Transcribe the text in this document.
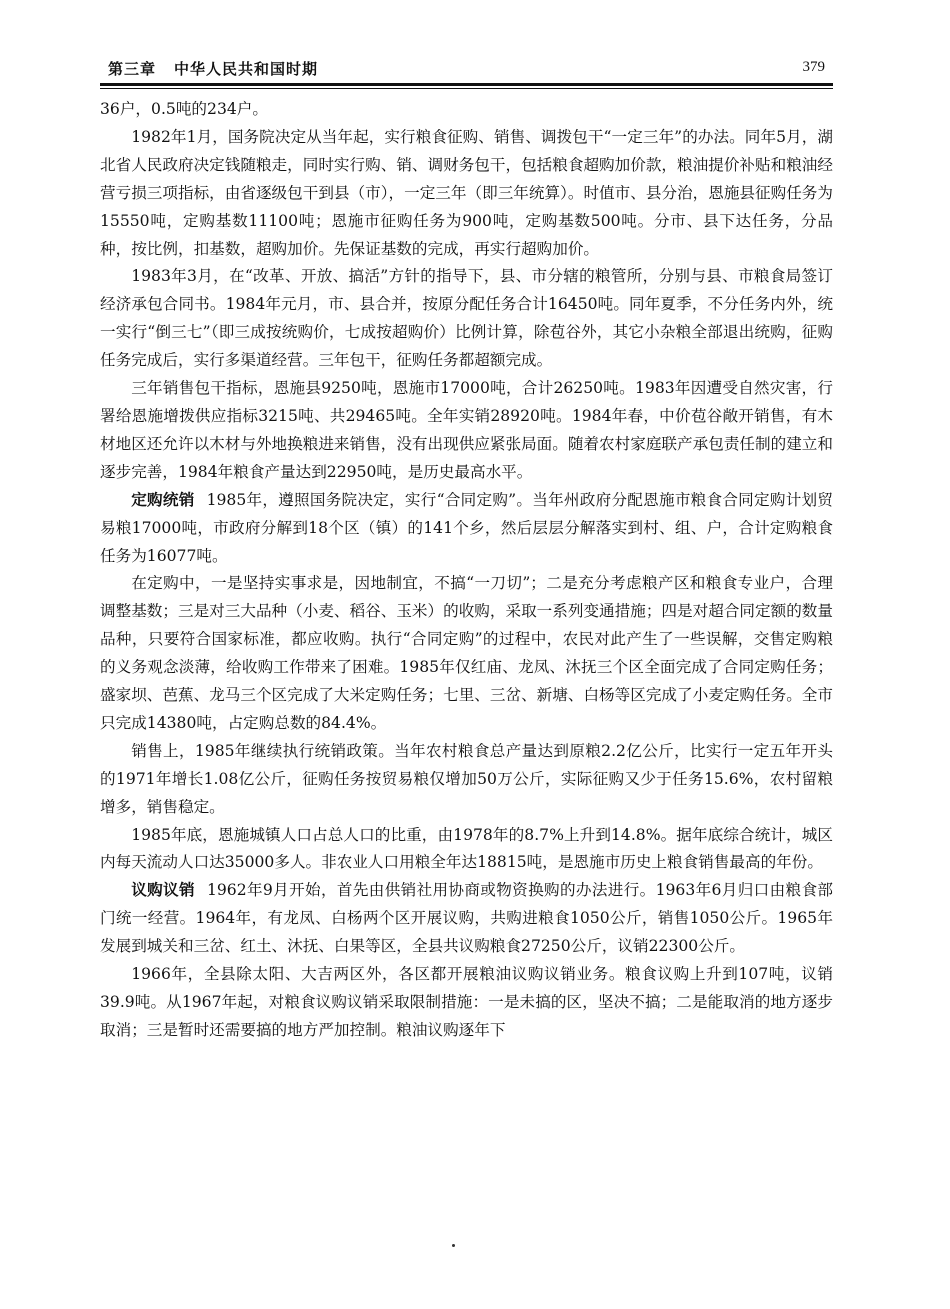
第三章 中华人民共和国时期	379

36户，0.5吨的234户。

1982年1月，国务院决定从当年起，实行粮食征购、销售、调拨包干“一定三年”的办法。同年5月，湖北省人民政府决定钱随粮走，同时实行购、销、调财务包干，包括粮食超购加价款，粮油提价补贴和粮油经营亏损三项指标，由省逐级包干到县（市），一定三年（即三年统算）。时值市、县分治，恩施县征购任务为15550吨，定购基数11100吨；恩施市征购任务为900吨，定购基数500吨。分市、县下达任务，分品种，按比例，扣基数，超购加价。先保证基数的完成，再实行超购加价。

1983年3月，在“改革、开放、搞活”方针的指导下，县、市分辖的粮管所，分别与县、市粮食局签订经济承包合同书。1984年元月，市、县合并，按原分配任务合计16450吨。同年夏季，不分任务内外，统一实行“倒三七”（即三成按统购价，七成按超购价）比例计算，除苞谷外，其它小杂粮全部退出统购，征购任务完成后，实行多渠道经营。三年包干，征购任务都超额完成。

三年销售包干指标，恩施县9250吨，恩施市17000吨，合计26250吨。1983年因遭受自然灾害，行署给恩施增拨供应指标3215吨、共29465吨。全年实销28920吨。1984年春，中价苞谷敞开销售，有木材地区还允许以木材与外地换粮进来销售，没有出现供应紧张局面。随着农村家庭联产承包责任制的建立和逐步完善，1984年粮食产量达到22950吨，是历史最高水平。

定购统销 1985年，遵照国务院决定，实行“合同定购”。当年州政府分配恩施市粮食合同定购计划贸易粮17000吨，市政府分解到18个区（镇）的141个乡，然后层层分解落实到村、组、户，合计定购粮食任务为16077吨。

在定购中，一是坚持实事求是，因地制宜，不搞“一刀切”；二是充分考虑粮产区和粮食专业户，合理调整基数；三是对三大品种（小麦、稻谷、玉米）的收购，采取一系列变通措施；四是对超合同定额的数量品种，只要符合国家标准，都应收购。执行“合同定购”的过程中，农民对此产生了一些误解，交售定购粮的义务观念淡薄，给收购工作带来了困难。1985年仅红庙、龙凤、沐抚三个区全面完成了合同定购任务；盛家坝、芭蕉、龙马三个区完成了大米定购任务；七里、三岔、新塘、白杨等区完成了小麦定购任务。全市只完成14380吨，占定购总数的84.4%。

销售上，1985年继续执行统销政策。当年农村粮食总产量达到原粮2.2亿公斤，比实行一定五年开头的1971年增长1.08亿公斤，征购任务按贸易粮仅增加50万公斤，实际征购又少于任务15.6%，农村留粮增多，销售稳定。

1985年底，恩施城镇人口占总人口的比重，由1978年的8.7%上升到14.8%。据年底综合统计，城区内每天流动人口达35000多人。非农业人口用粮全年达18815吨，是恩施市历史上粮食销售最高的年份。

议购议销 1962年9月开始，首先由供销社用协商或物资换购的办法进行。1963年6月归口由粮食部门统一经营。1964年，有龙凤、白杨两个区开展议购，共购进粮食1050公斤，销售1050公斤。1965年发展到城关和三岔、红土、沐抚、白果等区，全县共议购粮食27250公斤，议销22300公斤。

1966年，全县除太阳、大吉两区外，各区都开展粮油议购议销业务。粮食议购上升到107吨，议销39.9吨。从1967年起，对粮食议购议销采取限制措施：一是未搞的区，坚决不搞；二是能取消的地方逐步取消；三是暂时还需要搞的地方严加控制。粮油议购逐年下
